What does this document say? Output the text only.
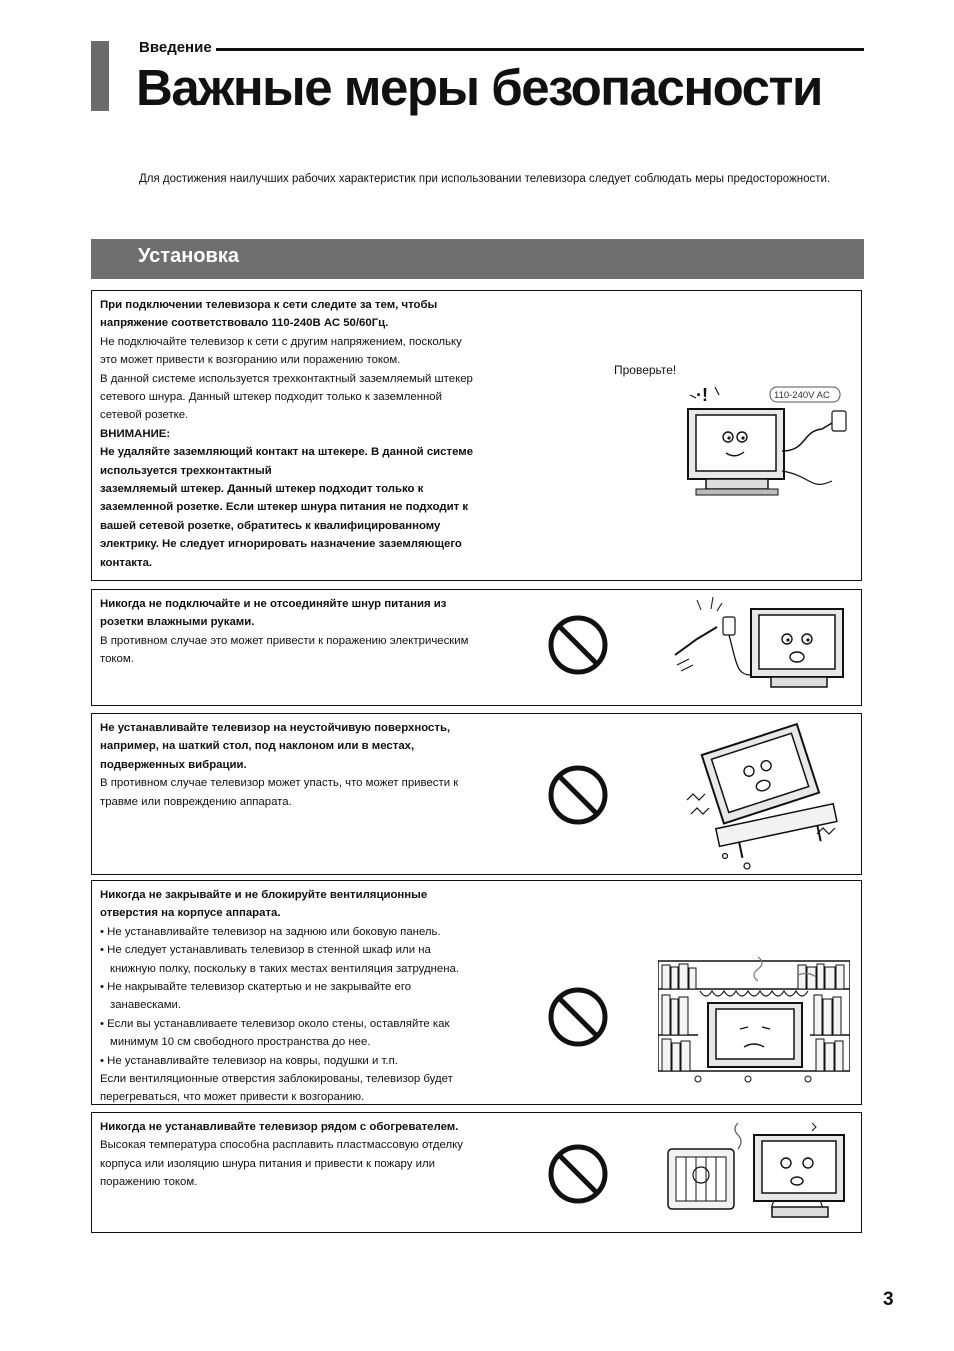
Введение
Важные меры безопасности
Для достижения наилучших рабочих характеристик при использовании телевизора следует соблюдать меры предосторожности.
Установка
При подключении телевизора к сети следите за тем, чтобы
напряжение соответствовало 110-240В АС 50/60Гц.
Не подключайте телевизор к сети с другим напряжением, поскольку
это может привести к возгоранию или поражению током.
В данной системе используется трехконтактный заземляемый штекер
сетевого шнура. Данный штекер подходит только к заземленной
сетевой розетке.
ВНИМАНИЕ:
Не удаляйте заземляющий контакт на штекере. В данной системе
используется трехконтактный
заземляемый штекер. Данный штекер подходит только к
заземленной розетке. Если штекер шнура питания не подходит к
вашей сетевой розетке, обратитесь к квалифицированному
электрику. Не следует игнорировать назначение заземляющего
контакта.
Проверьте!
·!	110-240V AC
Никогда не подключайте и не отсоединяйте шнур питания из
розетки влажными руками.
В противном случае это может привести к поражению электрическим
током.
Не устанавливайте телевизор на неустойчивую поверхность,
например, на шаткий стол, под наклоном или в местах,
подверженных вибрации.
В противном случае телевизор может упасть, что может привести к
травме или повреждению аппарата.
Никогда не закрывайте и не блокируйте вентиляционные
отверстия на корпусе аппарата.
• Не устанавливайте телевизор на заднюю или боковую панель.
• Не следует устанавливать телевизор в стенной шкаф или на
книжную полку, поскольку в таких местах вентиляция затруднена.
• Не накрывайте телевизор скатертью и не закрывайте его
занавесками.
• Если вы устанавливаете телевизор около стены, оставляйте как
минимум 10 см свободного пространства до нее.
• Не устанавливайте телевизор на ковры, подушки и т.п.
Если вентиляционные отверстия заблокированы, телевизор будет
перегреваться, что может привести к возгоранию.
Никогда не устанавливайте телевизор рядом с обогревателем.
Высокая температура способна расплавить пластмассовую отделку
корпуса или изоляцию шнура питания и привести к пожару или
поражению током.
3
